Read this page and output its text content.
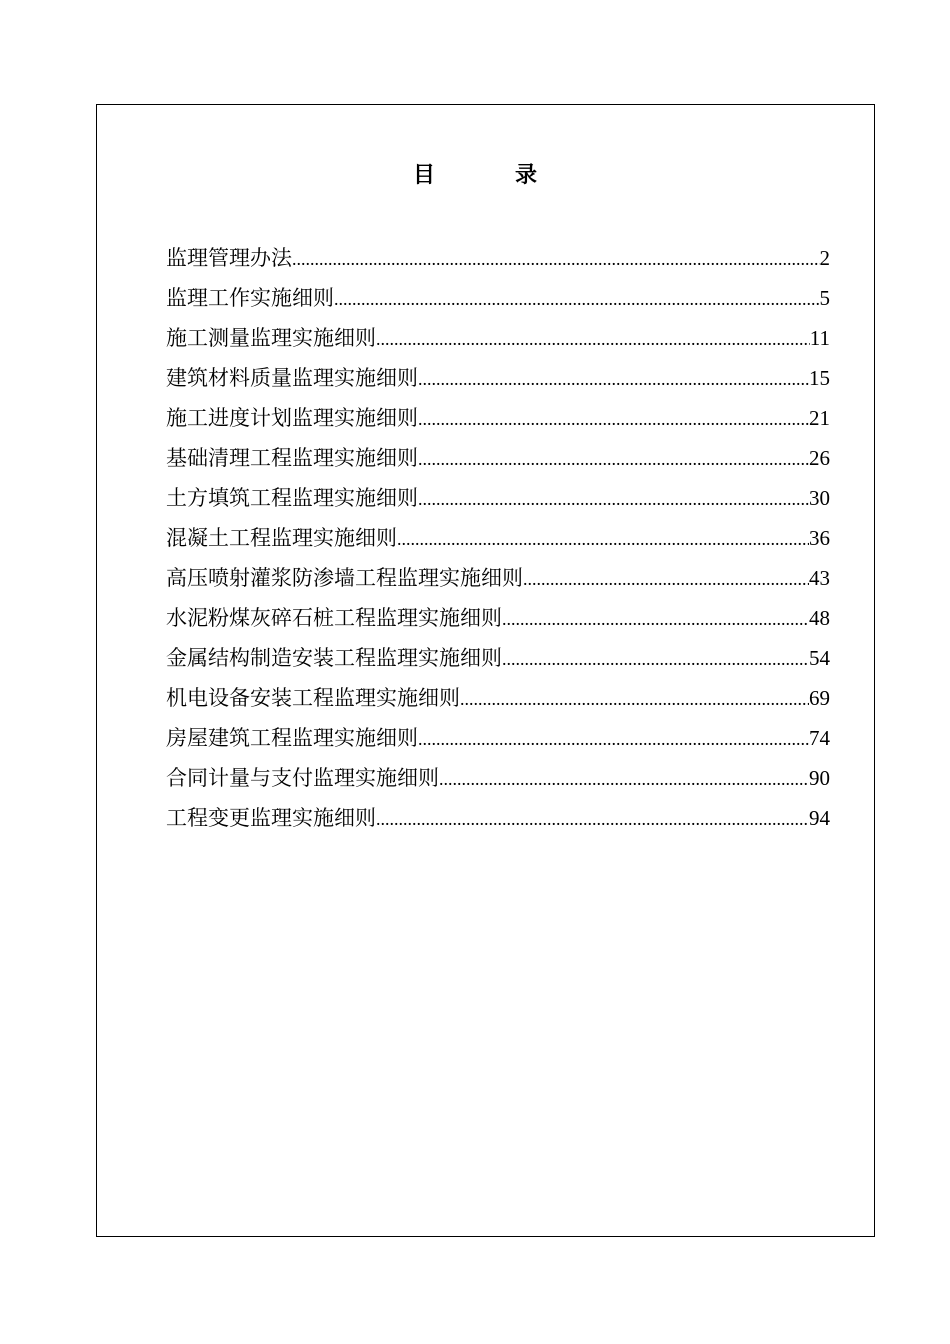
目	录
监理管理办法 .....	2
监理工作实施细则 .....	5
施工测量监理实施细则 .....	11
建筑材料质量监理实施细则 .....	15
施工进度计划监理实施细则 .....	21
基础清理工程监理实施细则 .....	26
土方填筑工程监理实施细则 .....	30
混凝土工程监理实施细则 .....	36
高压喷射灌浆防渗墙工程监理实施细则 .....	43
水泥粉煤灰碎石桩工程监理实施细则 .....	48
金属结构制造安装工程监理实施细则 .....	54
机电设备安装工程监理实施细则 .....	69
房屋建筑工程监理实施细则 .....	74
合同计量与支付监理实施细则 .....	90
工程变更监理实施细则 .....	94
